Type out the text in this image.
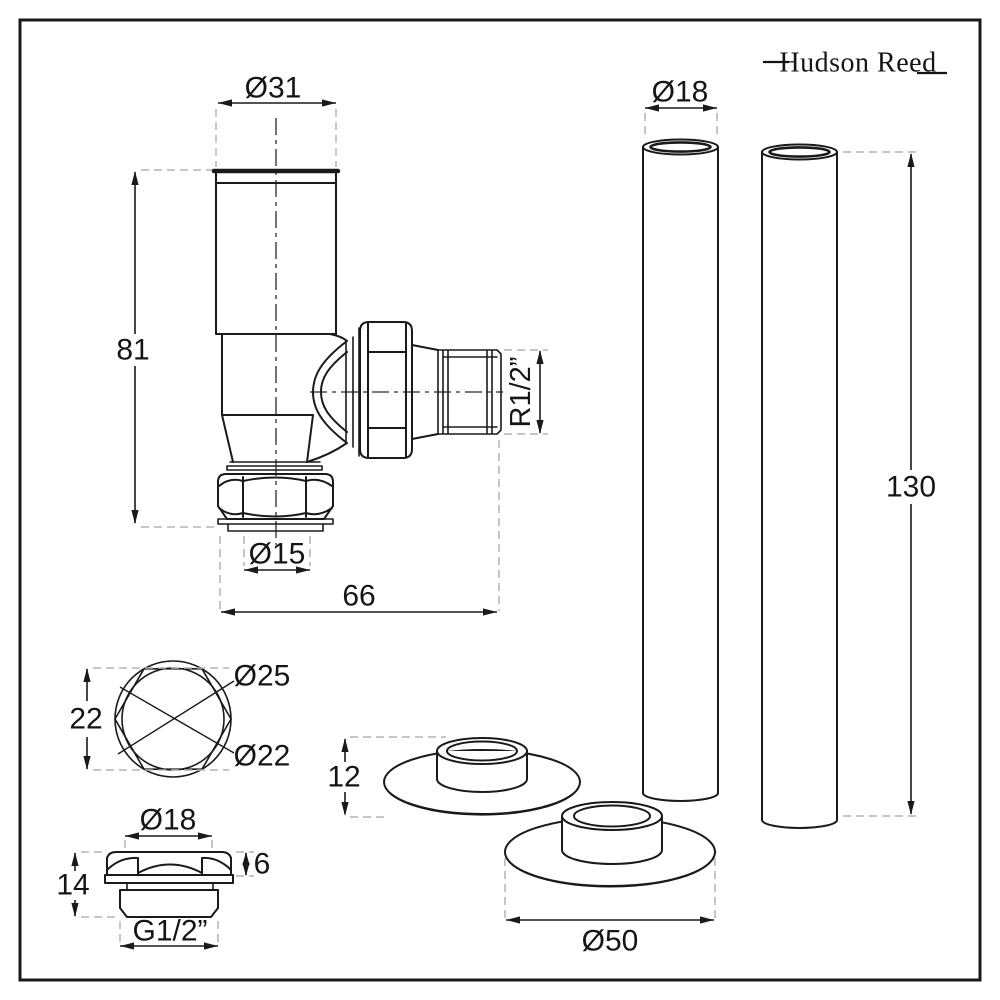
Hudson Reed
Ø31
81
Ø15
66
R1/2”
22
Ø25
Ø22
Ø18
6
14
G1/2”
12
Ø50
Ø18
130
